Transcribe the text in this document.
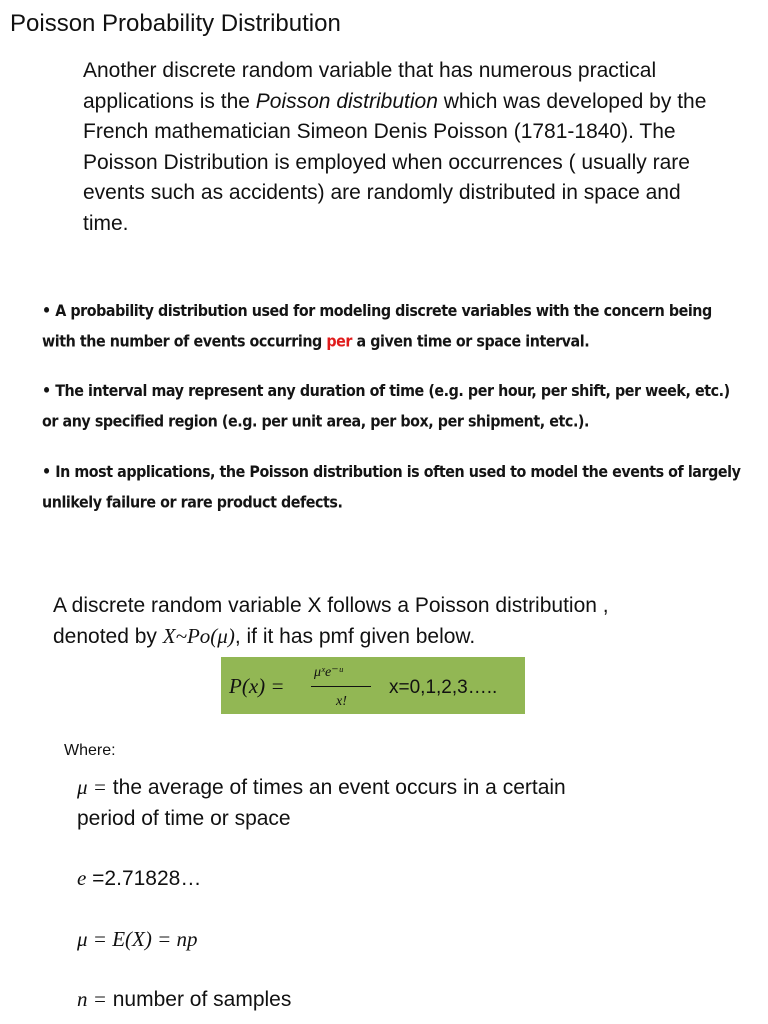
Poisson Probability Distribution
Another discrete random variable that has numerous practical applications is the Poisson distribution which was developed by the French mathematician Simeon Denis Poisson (1781-1840). The Poisson Distribution is employed when occurrences ( usually rare events such as accidents) are randomly distributed in space and time.
• A probability distribution used for modeling discrete variables with the concern being with the number of events occurring per a given time or space interval.
• The interval may represent any duration of time (e.g. per hour, per shift, per week, etc.) or any specified region (e.g. per unit area, per box, per shipment, etc.).
• In most applications, the Poisson distribution is often used to model the events of largely unlikely failure or rare product defects.
A discrete random variable X follows a Poisson distribution ,
denoted by X~Po(μ), if it has pmf given below.
P(x) =
μˣe⁻ᵘ
x!
x=0,1,2,3…..
Where:
μ = the average of times an event occurs in a certain period of time or space
e =2.71828…
μ = E(X) = np
n = number of samples
